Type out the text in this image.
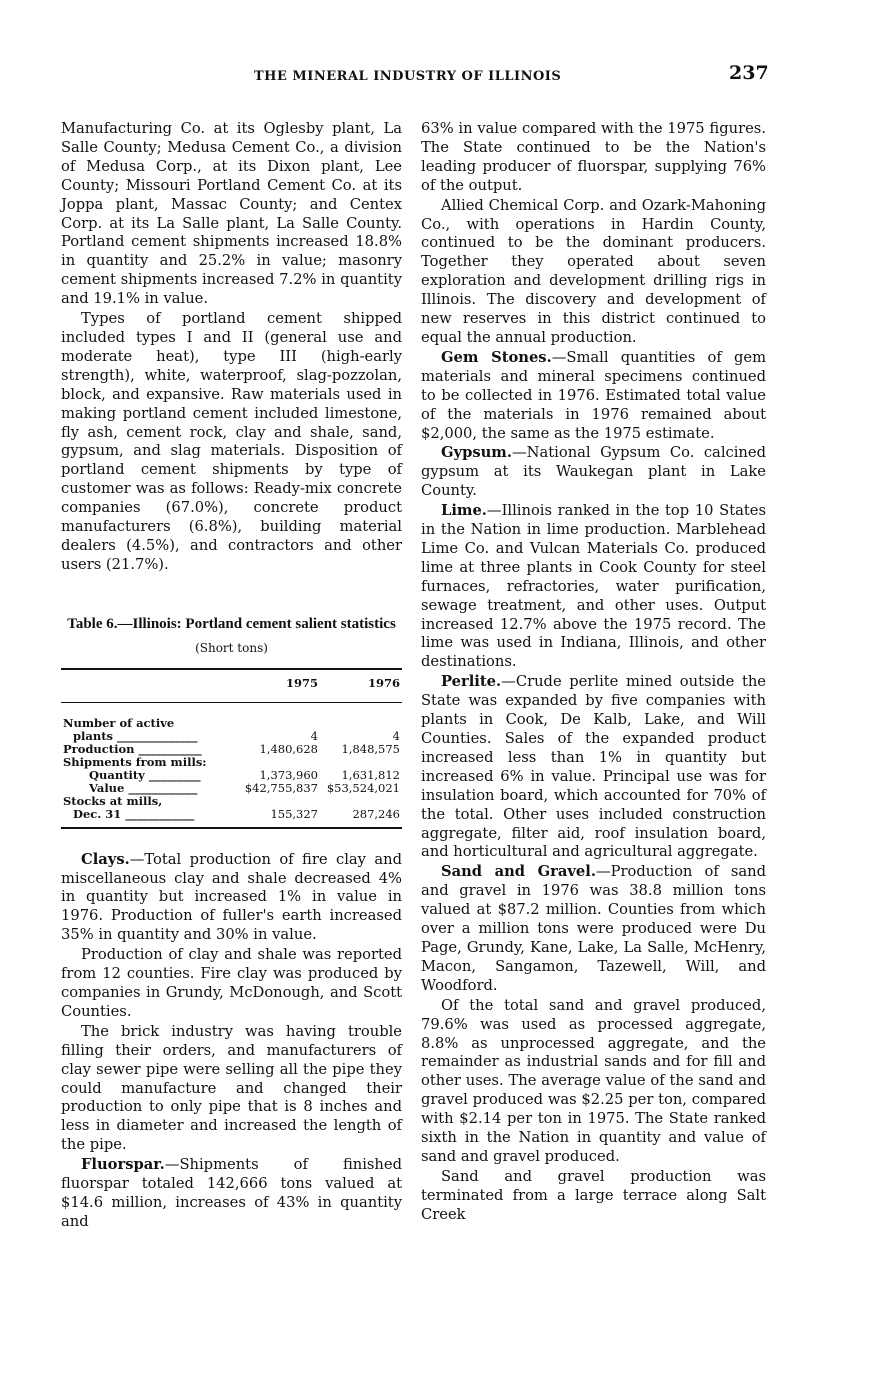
THE MINERAL INDUSTRY OF ILLINOIS	237

Manufacturing Co. at its Oglesby plant, La Salle County; Medusa Cement Co., a division of Medusa Corp., at its Dixon plant, Lee County; Missouri Portland Cement Co. at its Joppa plant, Massac County; and Centex Corp. at its La Salle plant, La Salle County. Portland cement shipments increased 18.8% in quantity and 25.2% in value; masonry cement shipments increased 7.2% in quantity and 19.1% in value.

Types of portland cement shipped included types I and II (general use and moderate heat), type III (high-early strength), white, waterproof, slag-pozzolan, block, and expansive. Raw materials used in making portland cement included limestone, fly ash, cement rock, clay and shale, sand, gypsum, and slag materials. Disposition of portland cement shipments by type of customer was as follows: Ready-mix concrete companies (67.0%), concrete product manufacturers (6.8%), building material dealers (4.5%), and contractors and other users (21.7%).

Table 6.—Illinois: Portland cement salient statistics
(Short tons)
	1975	1976
Number of active		
plants ______________	4	4
Production ___________	1,480,628	1,848,575
Shipments from mills:		
Quantity _________	1,373,960	1,631,812
Value ____________	$42,755,837	$53,524,021
Stocks at mills,		
Dec. 31 ____________	155,327	287,246

Clays.—Total production of fire clay and miscellaneous clay and shale decreased 4% in quantity but increased 1% in value in 1976. Production of fuller's earth increased 35% in quantity and 30% in value.

Production of clay and shale was reported from 12 counties. Fire clay was produced by companies in Grundy, McDonough, and Scott Counties.

The brick industry was having trouble filling their orders, and manufacturers of clay sewer pipe were selling all the pipe they could manufacture and changed their production to only pipe that is 8 inches and less in diameter and increased the length of the pipe.

Fluorspar.—Shipments of finished fluorspar totaled 142,666 tons valued at $14.6 million, increases of 43% in quantity and

63% in value compared with the 1975 figures. The State continued to be the Nation's leading producer of fluorspar, supplying 76% of the output.

Allied Chemical Corp. and Ozark-Mahoning Co., with operations in Hardin County, continued to be the dominant producers. Together they operated about seven exploration and development drilling rigs in Illinois. The discovery and development of new reserves in this district continued to equal the annual production.

Gem Stones.—Small quantities of gem materials and mineral specimens continued to be collected in 1976. Estimated total value of the materials in 1976 remained about $2,000, the same as the 1975 estimate.

Gypsum.—National Gypsum Co. calcined gypsum at its Waukegan plant in Lake County.

Lime.—Illinois ranked in the top 10 States in the Nation in lime production. Marblehead Lime Co. and Vulcan Materials Co. produced lime at three plants in Cook County for steel furnaces, refractories, water purification, sewage treatment, and other uses. Output increased 12.7% above the 1975 record. The lime was used in Indiana, Illinois, and other destinations.

Perlite.—Crude perlite mined outside the State was expanded by five companies with plants in Cook, De Kalb, Lake, and Will Counties. Sales of the expanded product increased less than 1% in quantity but increased 6% in value. Principal use was for insulation board, which accounted for 70% of the total. Other uses included construction aggregate, filter aid, roof insulation board, and horticultural and agricultural aggregate.

Sand and Gravel.—Production of sand and gravel in 1976 was 38.8 million tons valued at $87.2 million. Counties from which over a million tons were produced were Du Page, Grundy, Kane, Lake, La Salle, McHenry, Macon, Sangamon, Tazewell, Will, and Woodford.

Of the total sand and gravel produced, 79.6% was used as processed aggregate, 8.8% as unprocessed aggregate, and the remainder as industrial sands and for fill and other uses. The average value of the sand and gravel produced was $2.25 per ton, compared with $2.14 per ton in 1975. The State ranked sixth in the Nation in quantity and value of sand and gravel produced.

Sand and gravel production was terminated from a large terrace along Salt Creek
